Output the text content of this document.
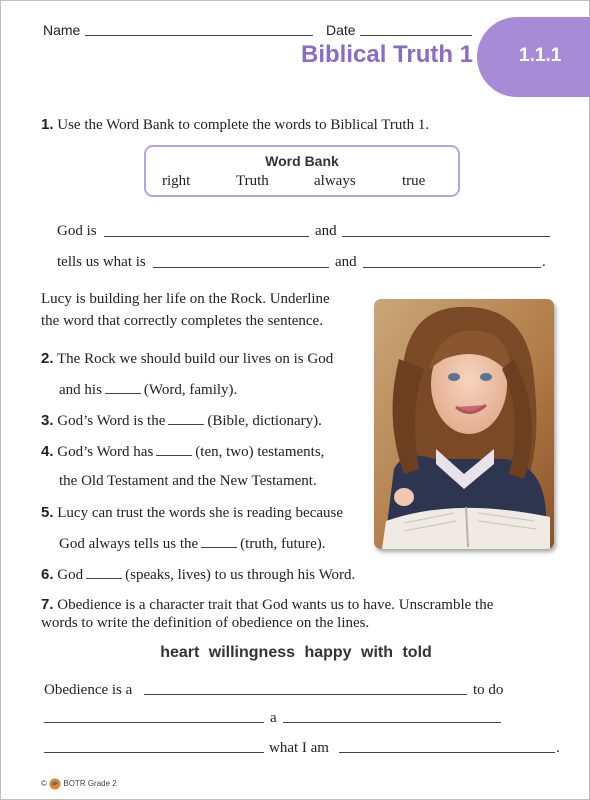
Name	Date
Biblical Truth 1 1.1.1
1. Use the Word Bank to complete the words to Biblical Truth 1.
Word Bank
right	Truth	always	true
God is	and
tells us what is	and	.
Lucy is building her life on the Rock. Underline
the word that correctly completes the sentence.
2. The Rock we should build our lives on is God
and his	(Word, family).
3. God’s Word is the	(Bible, dictionary).
4. God’s Word has	(ten, two) testaments,
the Old Testament and the New Testament.
5. Lucy can trust the words she is reading because
God always tells us the	(truth, future).
6. God	(speaks, lives) to us through his Word.
7. Obedience is a character trait that God wants us to have. Unscramble the
words to write the definition of obedience on the lines.
heart willingness happy with told
Obedience is a	to do
a
what I am	.
© BOTR Grade 2
